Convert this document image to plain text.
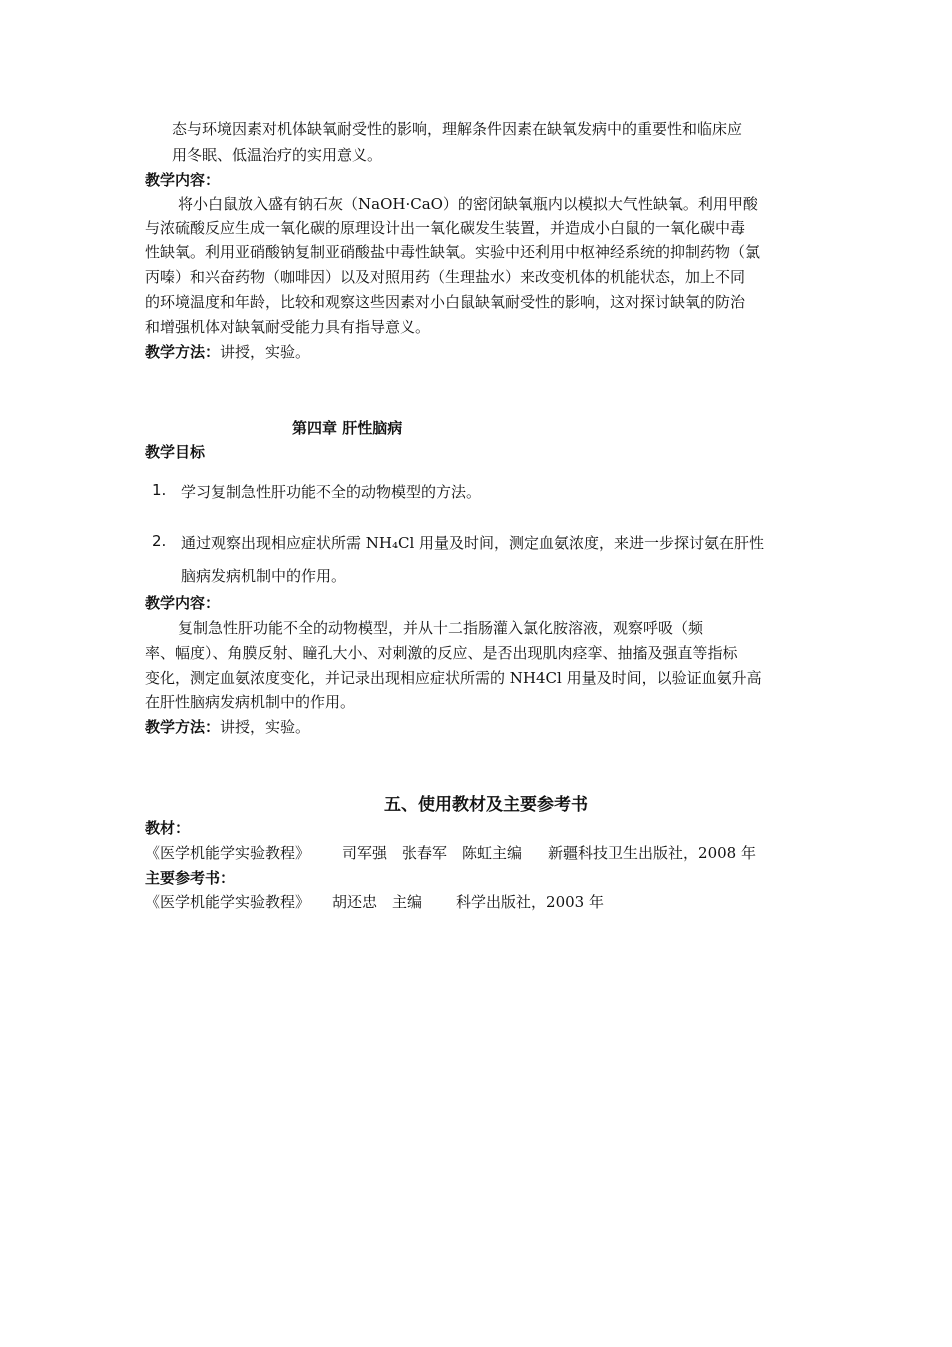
态与环境因素对机体缺氧耐受性的影响，理解条件因素在缺氧发病中的重要性和临床应
用冬眠、低温治疗的实用意义。
教学内容：
将小白鼠放入盛有钠石灰（NaOH·CaO）的密闭缺氧瓶内以模拟大气性缺氧。利用甲酸
与浓硫酸反应生成一氧化碳的原理设计出一氧化碳发生装置，并造成小白鼠的一氧化碳中毒
性缺氧。利用亚硝酸钠复制亚硝酸盐中毒性缺氧。实验中还利用中枢神经系统的抑制药物（氯
丙嗪）和兴奋药物（咖啡因）以及对照用药（生理盐水）来改变机体的机能状态，加上不同
的环境温度和年龄，比较和观察这些因素对小白鼠缺氧耐受性的影响，这对探讨缺氧的防治
和增强机体对缺氧耐受能力具有指导意义。
教学方法：讲授，实验。
第四章 肝性脑病
教学目标
1. 学习复制急性肝功能不全的动物模型的方法。
2. 通过观察出现相应症状所需 NH₄Cl 用量及时间，测定血氨浓度，来进一步探讨氨在肝性
脑病发病机制中的作用。
教学内容：
复制急性肝功能不全的动物模型，并从十二指肠灌入氯化胺溶液，观察呼吸（频
率、幅度）、角膜反射、瞳孔大小、对刺激的反应、是否出现肌肉痉挛、抽搐及强直等指标
变化，测定血氨浓度变化，并记录出现相应症状所需的 NH4Cl 用量及时间，以验证血氨升高
在肝性脑病发病机制中的作用。
教学方法：讲授，实验。
五、使用教材及主要参考书
教材：
《医学机能学实验教程》 司军强　张春军　陈虹主编 新疆科技卫生出版社，2008 年
主要参考书：
《医学机能学实验教程》 胡还忠　主编 科学出版社，2003 年
